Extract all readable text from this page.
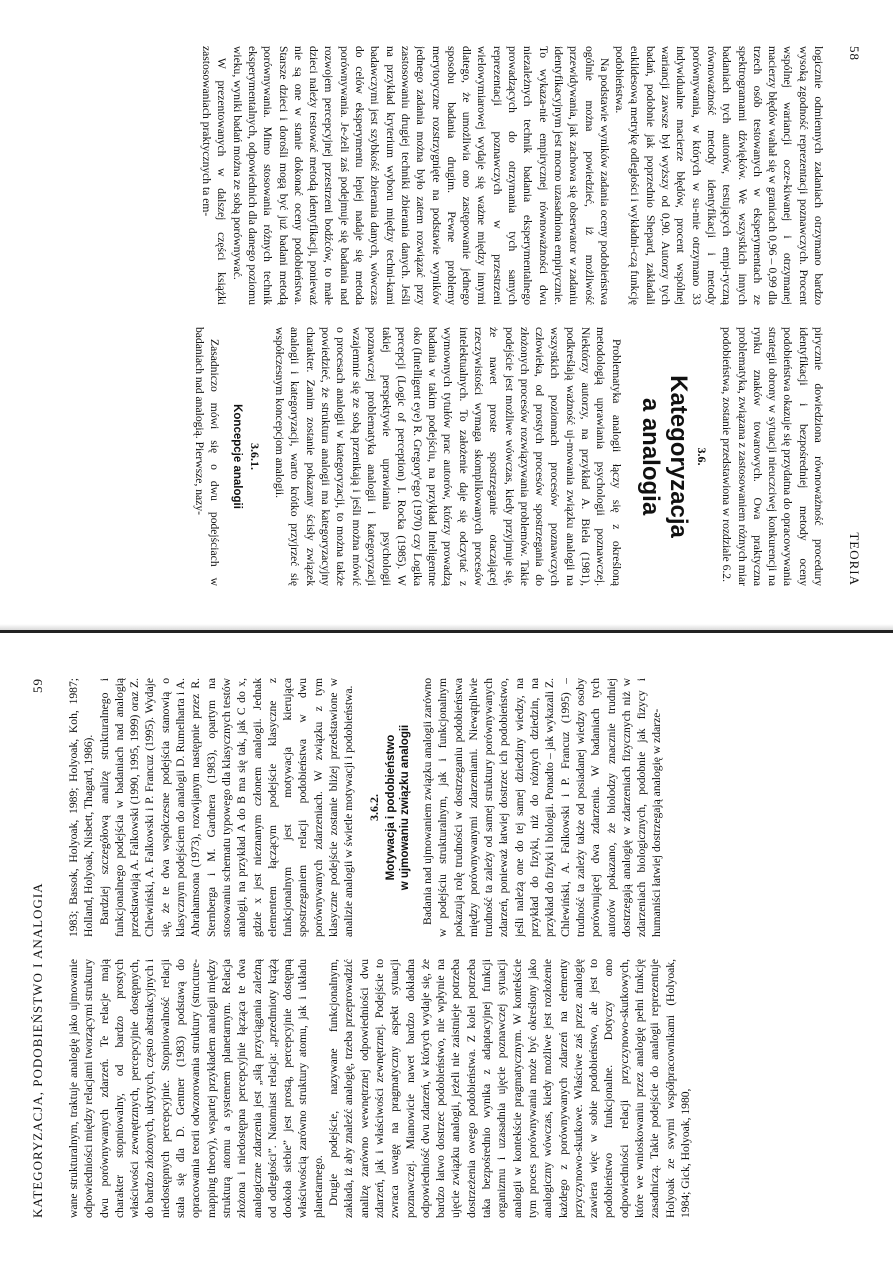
58
TEORIA

logicznie odmiennych zadaniach otrzymano bardzo wysoką zgodność reprezentacji poznawczych. Procent wspólnej wariancji ocze-kiwanej i otrzymanej macierzy błędów wahał się w granicach 0,96 – 0,99 dla trzech osób testowanych w eksperymentach ze spektrogramami dźwięków. We wszystkich innych badaniach tych autorów, testujących empi-ryczną równoważność metody identyfikacji i metody porównywania, w których w su-mie otrzymano 33 indywidualne macierze błędów, procent wspólnej wariancji zawsze był wyższy od 0,90. Autorzy tych badań, podobnie jak poprzednio Shepard, zakładali euklidesową metrykę odległości i wykładni-czą funkcję podobieństwa.

Na podstawie wyników zadania oceny podobieństwa ogólnie można powiedzieć, iż możliwość przewidywania, jak zachowa się obserwator w zadaniu identyfikacyjnym jest mocno uzasadniona empirycznie. To wykaza-nie empirycznej równoważności dwu niezależnych technik badania eksperymentalnego prowadzących do otrzymania tych samych reprezentacji poznawczych w przestrzeni wielowymiarowej wydaje się ważne między innymi dlatego, że umożliwia ono zastępowanie jednego sposobu badania drugim. Pewne problemy merytoryczne rozstrzygnięte na podstawie wyników jednego zadania można było zatem rozwiązać przy zastosowaniu drugiej techniki zbierania danych. Jeśli na przykład kryterium wyboru między techni-kami badawczymi jest szybkość zbierania danych, wówczas do celów eksperymentu lepiej nadaje się metoda porównywania. Je-żeli zaś podejmuje się badania nad rozwojem percepcyjnej przestrzeni bodźców, to małe dzieci należy testować metodą identyfikacji, ponieważ nie są one w stanie dokonać oceny podobieństwa. Starsze dzieci i dorośli mogą być już badani metodą porównywania. Mimo stosowania różnych technik eksperymentalnych, odpowiednich dla danego poziomu wieku, wyniki badań można ze sobą porównywać.

W prezentowanych w dalszej części książki zastosowaniach praktycznych ta em-

pirycznie dowiedziona równoważność procedury identyfikacji i bezpośredniej metody oceny podobieństwa okazuje się przydatna do opracowywania strategii obrony w sytuacji nieuczciwej konkurencji na rynku znaków towarowych. Owa praktyczna problematyka, związana z zastosowaniem różnych miar podobieństwa, zostanie przedstawiona w rozdziale 6.2.

3.6.
Kategoryzacja
a analogia

Problematyka analogii łączy się z określoną metodologią uprawiania psychologii poznawczej. Niektórzy autorzy, na przykład A. Biela (1981), podkreślają ważność uj-mowania związku analogii na wszystkich poziomach procesów poznawczych człowieka, od prostych procesów spostrzegania do złożonych procesów rozwiązywania problemów. Takie podejście jest możliwe wówczas, kiedy przyjmuje się, że nawet proste spostrzeganie otaczającej rzeczywistości wymaga skomplikowanych procesów intelektualnych. To założenie daje się odczytać z wymownych tytułów prac autorów, którzy prowadzą badania w takim podejściu, na przykład Inteligentne oko (Intelligent eye) R. Gregory'ego (1970) czy Logika percepcji (Logic of perception) I. Rocka (1985). W takiej perspektywie uprawiania psychologii poznawczej problematyka analogii i kategoryzacji wzajemnie się ze sobą przenikają i jeśli można mówić o procesach analogii w kategoryzacji, to można także powiedzieć, że struktura analogii ma kategoryzacyjny charakter. Zanim zostanie pokazany ścisły związek analogii i kategoryzacji, warto krótko przyjrzeć się współczesnym koncepcjom analogii.

3.6.1.
Koncepcje analogii

Zasadniczo mówi się o dwu podejściach w badaniach nad analogią. Pierwsze, nazy-

KATEGORYZACJA, PODOBIEŃSTWO I ANALOGIA
59

wane strukturalnym, traktuje analogię jako ujmowanie odpowiedniości między relacjami tworzącymi struktury dwu porównywanych zdarzeń. Te relacje mają charakter stopniowalny, od bardzo prostych właściwości zewnętrznych, percepcyjnie dostępnych, do bardzo złożonych, ukrytych, często abstrakcyjnych i niedostępnych percepcyjnie. Stopniowalność relacji stała się dla D. Gentner (1983) podstawą do opracowania teorii odwzorowania struktury (structure-mapping theory), wspartej przykładem analogii między strukturą atomu a systemem planetarnym. Relacja złożona i niedostępna percepcyjnie łącząca te dwa analogiczne zdarzenia jest „siłą przyciągania zależną od odległości”. Natomiast relacja: „przedmioty krążą dookoła siebie” jest prostą, percepcyjnie dostępną właściwością zarówno struktury atomu, jak i układu planetarnego. Drugie podejście, nazywane funkcjonalnym, zakłada, iż aby znaleźć analogię, trzeba przeprowadzić analizę zarówno wewnętrznej odpowiedniości dwu zdarzeń, jak i właściwości zewnętrznej. Podejście to zwraca uwagę na pragmatyczny aspekt sytuacji poznawczej. Mianowicie nawet bardzo dokładna odpowiedniość dwu zdarzeń, w których wydaje się, że bardzo łatwo dostrzec podobieństwo, nie wpłynie na ujęcie związku analogii, jeżeli nie zaistnieje potrzeba dostrzeżenia owego podobieństwa. Z kolei potrzeba taka bezpośrednio wynika z adaptacyjnej funkcji organizmu i uzasadnia ujęcie poznawczej sytuacji analogii w kontekście pragmatycznym. W kontekście tym proces porównywania może być określony jako analogiczny wówczas, kiedy możliwe jest rozłożenie każdego z porównywanych zdarzeń na elementy przyczynowo-skutkowe. Właściwe zaś przez analogię zawiera więc w sobie podobieństwo, ale jest to podobieństwo funkcjonalne. Dotyczy ono odpowiedniości relacji przyczynowo-skutkowych, które we wnioskowaniu przez analogię pełni funkcję zasadniczą. Takie podejście do analogii reprezentuje Holyoak ze swymi współpracownikami (Holyoak, 1984; Gick, Holyoak, 1980,

1983; Bassok, Holyoak, 1989; Holyoak, Koh, 1987; Holland, Holyoak, Nisbett, Thagard, 1986). Bardziej szczegółową analizę strukturalnego i funkcjonalnego podejścia w badaniach nad analogią przedstawiają A. Falkowski (1990, 1995, 1999) oraz Z. Chlewiński, A. Falkowski i P. Francuz (1995). Wydaje się, że te dwa współczesne podejścia stanowią o klasycznym podejściem do analogii D. Rumelharta i A. Abrahamsona (1973), rozwijanym następnie przez R. Sternberga i M. Gardnera (1983), opartym na stosowaniu schematu typowego dla klasycznych testów analogii, na przykład A do B ma się tak, jak C do x, gdzie x jest nieznanym członem analogii. Jednak elementem łączącym podejście klasyczne z funkcjonalnym jest motywacja kierująca spostrzeganiem relacji podobieństwa w dwu porównywanych zdarzeniach. W związku z tym klasyczne podejście zostanie bliżej przedstawione w analizie analogii w świetle motywacji i podobieństwa. 3.6.2. Motywacja i podobieństwo w ujmowaniu związku analogii Badania nad ujmowaniem związku analogii zarówno w podejściu strukturalnym, jak i funkcjonalnym pokazują rolę trudności w dostrzeganiu podobieństwa między porównywanymi zdarzeniami. Niewątpliwie trudność ta zależy od samej struktury porównywanych zdarzeń, ponieważ łatwiej dostrzec ich podobieństwo, jeśli należą one do tej samej dziedziny wiedzy, na przykład do fizyki, niż do różnych dziedzin, na przykład do fizyki i biologii. Ponadto – jak wykazali Z. Chlewiński, A. Falkowski i P. Francuz (1995) – trudność ta zależy także od posiadanej wiedzy osoby porównującej dwa zdarzenia. W badaniach tych autorów pokazano, że biolodzy znacznie trudniej dostrzegają analogię w zdarzeniach fizycznych niż w zdarzeniach biologicznych, podobnie jak fizycy i humaniści łatwiej dostrzegają analogię w zdarze-
